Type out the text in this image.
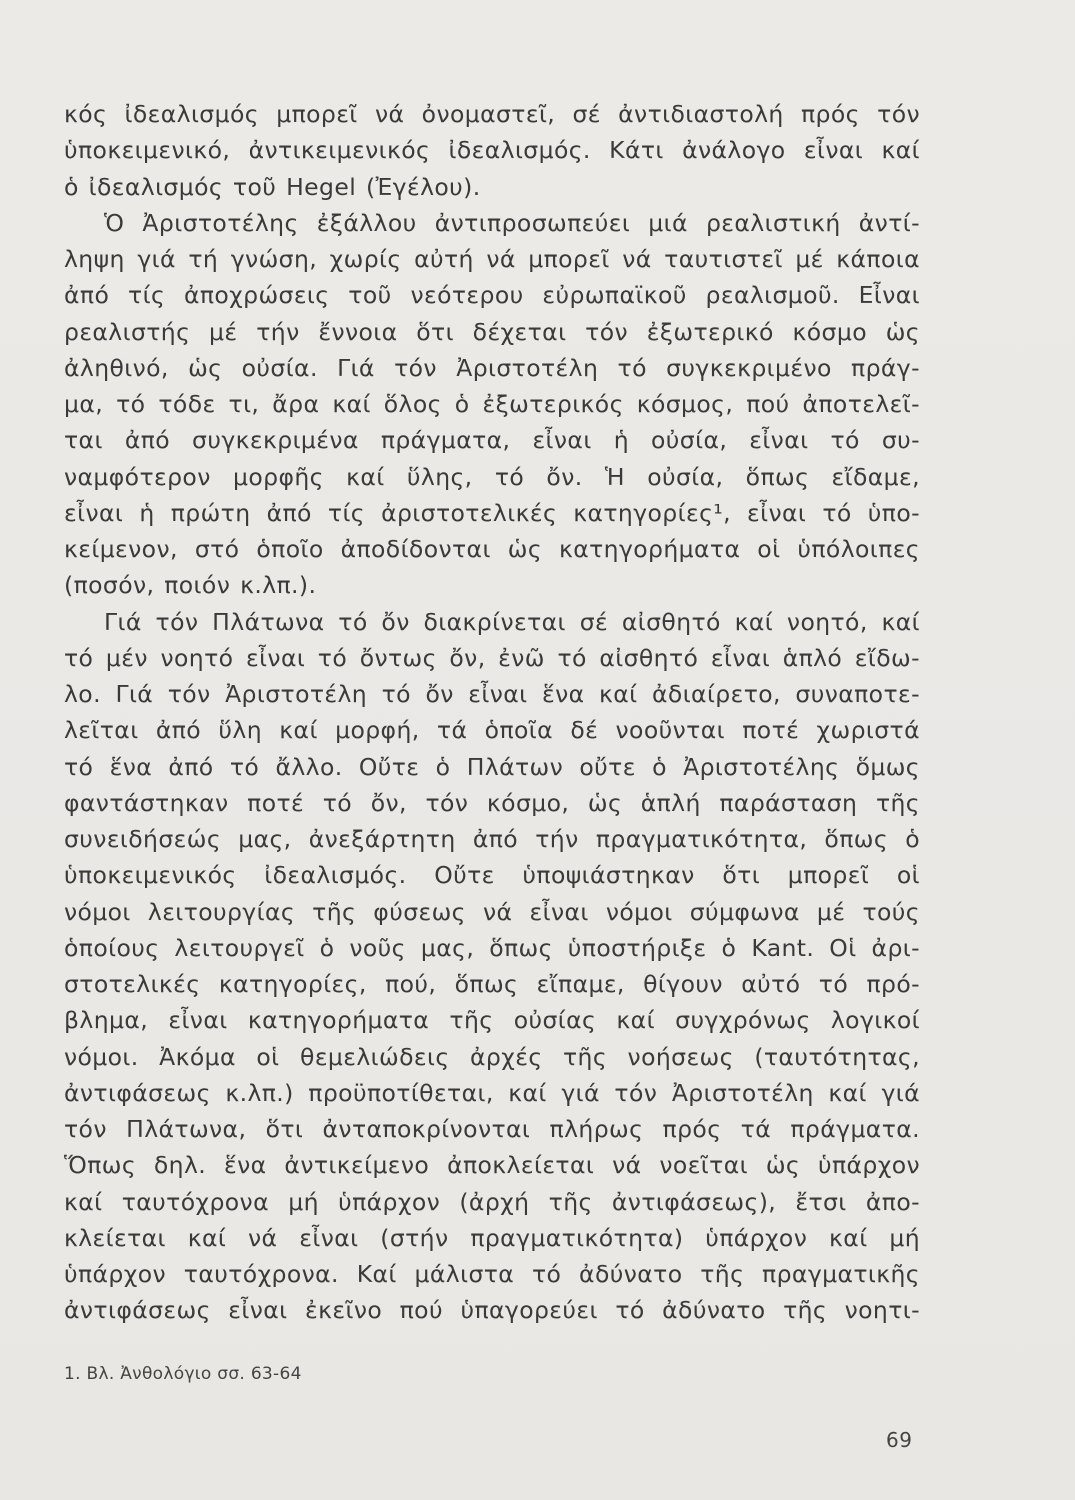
κός ἰδεαλισμός μπορεῖ νά ὀνομαστεῖ, σέ ἀντιδιαστολή πρός τόν
ὑποκειμενικό, ἀντικειμενικός ἰδεαλισμός. Κάτι ἀνάλογο εἶναι καί
ὁ ἰδεαλισμός τοῦ Hegel (Ἐγέλου).
Ὁ Ἀριστοτέλης ἐξάλλου ἀντιπροσωπεύει μιά ρεαλιστική ἀντί-
ληψη γιά τή γνώση, χωρίς αὐτή νά μπορεῖ νά ταυτιστεῖ μέ κάποια
ἀπό τίς ἀποχρώσεις τοῦ νεότερου εὐρωπαϊκοῦ ρεαλισμοῦ. Εἶναι
ρεαλιστής μέ τήν ἔννοια ὅτι δέχεται τόν ἐξωτερικό κόσμο ὡς
ἀληθινό, ὡς οὐσία. Γιά τόν Ἀριστοτέλη τό συγκεκριμένο πράγ-
μα, τό τόδε τι, ἄρα καί ὅλος ὁ ἐξωτερικός κόσμος, πού ἀποτελεῖ-
ται ἀπό συγκεκριμένα πράγματα, εἶναι ἡ οὐσία, εἶναι τό συ-
ναμφότερον μορφῆς καί ὕλης, τό ὄν. Ἡ οὐσία, ὅπως εἴδαμε,
εἶναι ἡ πρώτη ἀπό τίς ἀριστοτελικές κατηγορίες¹, εἶναι τό ὑπο-
κείμενον, στό ὁποῖο ἀποδίδονται ὡς κατηγορήματα οἱ ὑπόλοιπες
(ποσόν, ποιόν κ.λπ.).
Γιά τόν Πλάτωνα τό ὄν διακρίνεται σέ αἰσθητό καί νοητό, καί
τό μέν νοητό εἶναι τό ὄντως ὄν, ἐνῶ τό αἰσθητό εἶναι ἁπλό εἴδω-
λο. Γιά τόν Ἀριστοτέλη τό ὄν εἶναι ἕνα καί ἀδιαίρετο, συναποτε-
λεῖται ἀπό ὕλη καί μορφή, τά ὁποῖα δέ νοοῦνται ποτέ χωριστά
τό ἕνα ἀπό τό ἄλλο. Οὔτε ὁ Πλάτων οὔτε ὁ Ἀριστοτέλης ὅμως
φαντάστηκαν ποτέ τό ὄν, τόν κόσμο, ὡς ἁπλή παράσταση τῆς
συνειδήσεώς μας, ἀνεξάρτητη ἀπό τήν πραγματικότητα, ὅπως ὁ
ὑποκειμενικός ἰδεαλισμός. Οὔτε ὑποψιάστηκαν ὅτι μπορεῖ οἱ
νόμοι λειτουργίας τῆς φύσεως νά εἶναι νόμοι σύμφωνα μέ τούς
ὁποίους λειτουργεῖ ὁ νοῦς μας, ὅπως ὑποστήριξε ὁ Kant. Οἱ ἀρι-
στοτελικές κατηγορίες, πού, ὅπως εἴπαμε, θίγουν αὐτό τό πρό-
βλημα, εἶναι κατηγορήματα τῆς οὐσίας καί συγχρόνως λογικοί
νόμοι. Ἀκόμα οἱ θεμελιώδεις ἀρχές τῆς νοήσεως (ταυτότητας,
ἀντιφάσεως κ.λπ.) προϋποτίθεται, καί γιά τόν Ἀριστοτέλη καί γιά
τόν Πλάτωνα, ὅτι ἀνταποκρίνονται πλήρως πρός τά πράγματα.
Ὅπως δηλ. ἕνα ἀντικείμενο ἀποκλείεται νά νοεῖται ὡς ὑπάρχον
καί ταυτόχρονα μή ὑπάρχον (ἀρχή τῆς ἀντιφάσεως), ἔτσι ἀπο-
κλείεται καί νά εἶναι (στήν πραγματικότητα) ὑπάρχον καί μή
ὑπάρχον ταυτόχρονα. Καί μάλιστα τό ἀδύνατο τῆς πραγματικῆς
ἀντιφάσεως εἶναι ἐκεῖνο πού ὑπαγορεύει τό ἀδύνατο τῆς νοητι-
1. Βλ. Ἀνθολόγιο σσ. 63-64
69
